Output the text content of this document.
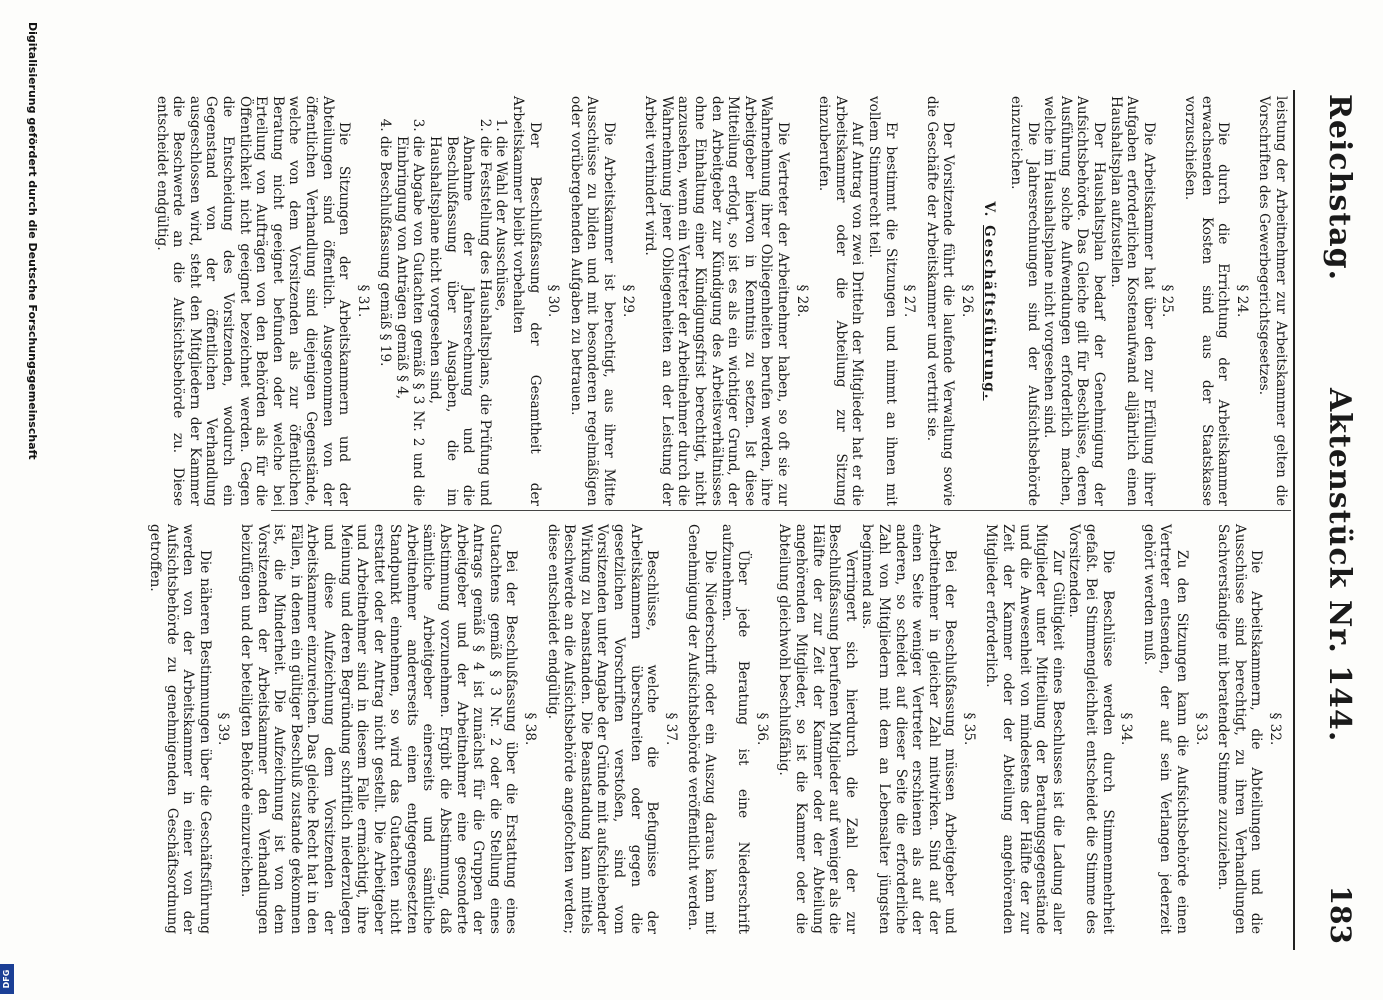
Reichstag.
Aktenstück Nr. 144.
183

leistung der Arbeitnehmer zur Arbeitskammer gelten die Vorschriften des Gewerbegerichtsgesetzes.

§ 24.

Die durch die Errichtung der Arbeitskammer erwachsenden Kosten sind aus der Staatskasse vorzuschießen.

§ 25.

Die Arbeitskammer hat über den zur Erfüllung ihrer Aufgaben erforderlichen Kostenaufwand alljährlich einen Haushaltsplan aufzustellen.

Der Haushaltsplan bedarf der Genehmigung der Aufsichtsbehörde. Das Gleiche gilt für Beschlüsse, deren Ausführung solche Aufwendungen erforderlich machen, welche im Haushaltsplane nicht vorgesehen sind.

Die Jahresrechnungen sind der Aufsichtsbehörde einzureichen.

V. Geschäftsführung.
§ 26.

Der Vorsitzende führt die laufende Verwaltung sowie die Geschäfte der Arbeitskammer und vertritt sie.

§ 27.

Er bestimmt die Sitzungen und nimmt an ihnen mit vollem Stimmrecht teil.

Auf Antrag von zwei Dritteln der Mitglieder hat er die Arbeitskammer oder die Abteilung zur Sitzung einzuberufen.

§ 28.

Die Vertreter der Arbeitnehmer haben, so oft sie zur Wahrnehmung ihrer Obliegenheiten berufen werden, ihre Arbeitgeber hiervon in Kenntnis zu setzen. Ist diese Mitteilung erfolgt, so ist es als ein wichtiger Grund, der den Arbeitgeber zur Kündigung des Arbeitsverhältnisses ohne Einhaltung einer Kündigungsfrist berechtigt, nicht anzusehen, wenn ein Vertreter der Arbeitnehmer durch die Wahrnehmung jener Obliegenheiten an der Leistung der Arbeit verhindert wird.

§ 29.

Die Arbeitskammer ist berechtigt, aus ihrer Mitte Ausschüsse zu bilden und mit besonderen regelmäßigen oder vorübergehenden Aufgaben zu betrauen.

§ 30.

Der Beschlußfassung der Gesamtheit der Arbeitskammer bleibt vorbehalten

1. die Wahl der Ausschüsse,
2. die Feststellung des Haushaltsplans, die Prüfung und Abnahme der Jahresrechnung und die Beschlußfassung über Ausgaben, die im Haushaltsplane nicht vorgesehen sind,
3. die Abgabe von Gutachten gemäß § 3 Nr. 2 und die Einbringung von Anträgen gemäß § 4,
4. die Beschlußfassung gemäß § 19.
§ 31.

Die Sitzungen der Arbeitskammern und der Abteilungen sind öffentlich. Ausgenommen von der öffentlichen Verhandlung sind diejenigen Gegenstände, welche von dem Vorsitzenden als zur öffentlichen Beratung nicht geeignet befunden oder welche bei Erteilung von Aufträgen von den Behörden als für die Öffentlichkeit nicht geeignet bezeichnet werden. Gegen die Entscheidung des Vorsitzenden, wodurch ein Gegenstand von der öffentlichen Verhandlung ausgeschlossen wird, steht den Mitgliedern der Kammer die Beschwerde an die Aufsichtsbehörde zu. Diese entscheidet endgültig.

§ 32.

Die Arbeitskammern, die Abteilungen und die Ausschüsse sind berechtigt, zu ihren Verhandlungen Sachverständige mit beratender Stimme zuzuziehen.

§ 33.

Zu den Sitzungen kann die Aufsichtsbehörde einen Vertreter entsenden, der auf sein Verlangen jederzeit gehört werden muß.

§ 34.

Die Beschlüsse werden durch Stimmenmehrheit gefaßt. Bei Stimmengleichheit entscheidet die Stimme des Vorsitzenden.

Zur Gültigkeit eines Beschlusses ist die Ladung aller Mitglieder unter Mitteilung der Beratungsgegenstände und die Anwesenheit von mindestens der Hälfte der zur Zeit der Kammer oder der Abteilung angehörenden Mitglieder erforderlich.

§ 35.

Bei der Beschlußfassung müssen Arbeitgeber und Arbeitnehmer in gleicher Zahl mitwirken. Sind auf der einen Seite weniger Vertreter erschienen als auf der anderen, so scheidet auf dieser Seite die erforderliche Zahl von Mitgliedern mit dem an Lebensalter jüngsten beginnend aus.

Verringert sich hierdurch die Zahl der zur Beschlußfassung berufenen Mitglieder auf weniger als die Hälfte der zur Zeit der Kammer oder der Abteilung angehörenden Mitglieder, so ist die Kammer oder die Abteilung gleichwohl beschlußfähig.

§ 36.

Über jede Beratung ist eine Niederschrift aufzunehmen.

Die Niederschrift oder ein Auszug daraus kann mit Genehmigung der Aufsichtsbehörde veröffentlicht werden.

§ 37.

Beschlüsse, welche die Befugnisse der Arbeitskammern überschreiten oder gegen die gesetzlichen Vorschriften verstoßen, sind vom Vorsitzenden unter Angabe der Gründe mit aufschiebender Wirkung zu beanstanden. Die Beanstandung kann mittels Beschwerde an die Aufsichtsbehörde angefochten werden; diese entscheidet endgültig.

§ 38.

Bei der Beschlußfassung über die Erstattung eines Gutachtens gemäß § 3 Nr. 2 oder die Stellung eines Antrags gemäß § 4 ist zunächst für die Gruppen der Arbeitgeber und der Arbeitnehmer eine gesonderte Abstimmung vorzunehmen. Ergibt die Abstimmung, daß sämtliche Arbeitgeber einerseits und sämtliche Arbeitnehmer andererseits einen entgegengesetzten Standpunkt einnehmen, so wird das Gutachten nicht erstattet oder der Antrag nicht gestellt. Die Arbeitgeber und Arbeitnehmer sind in diesem Falle ermächtigt, ihre Meinung und deren Begründung schriftlich niederzulegen und diese Aufzeichnung dem Vorsitzenden der Arbeitskammer einzureichen. Das gleiche Recht hat in den Fällen, in denen ein gültiger Beschluß zustande gekommen ist, die Minderheit. Die Aufzeichnung ist von dem Vorsitzenden der Arbeitskammer den Verhandlungen beizufügen und der beteiligten Behörde einzureichen.

§ 39.

Die näheren Bestimmungen über die Geschäftsführung werden von der Arbeitskammer in einer von der Aufsichtsbehörde zu genehmigenden Geschäftsordnung getroffen.

Digitalisierung gefördert durch die Deutsche Forschungsgemeinschaft
DFG
